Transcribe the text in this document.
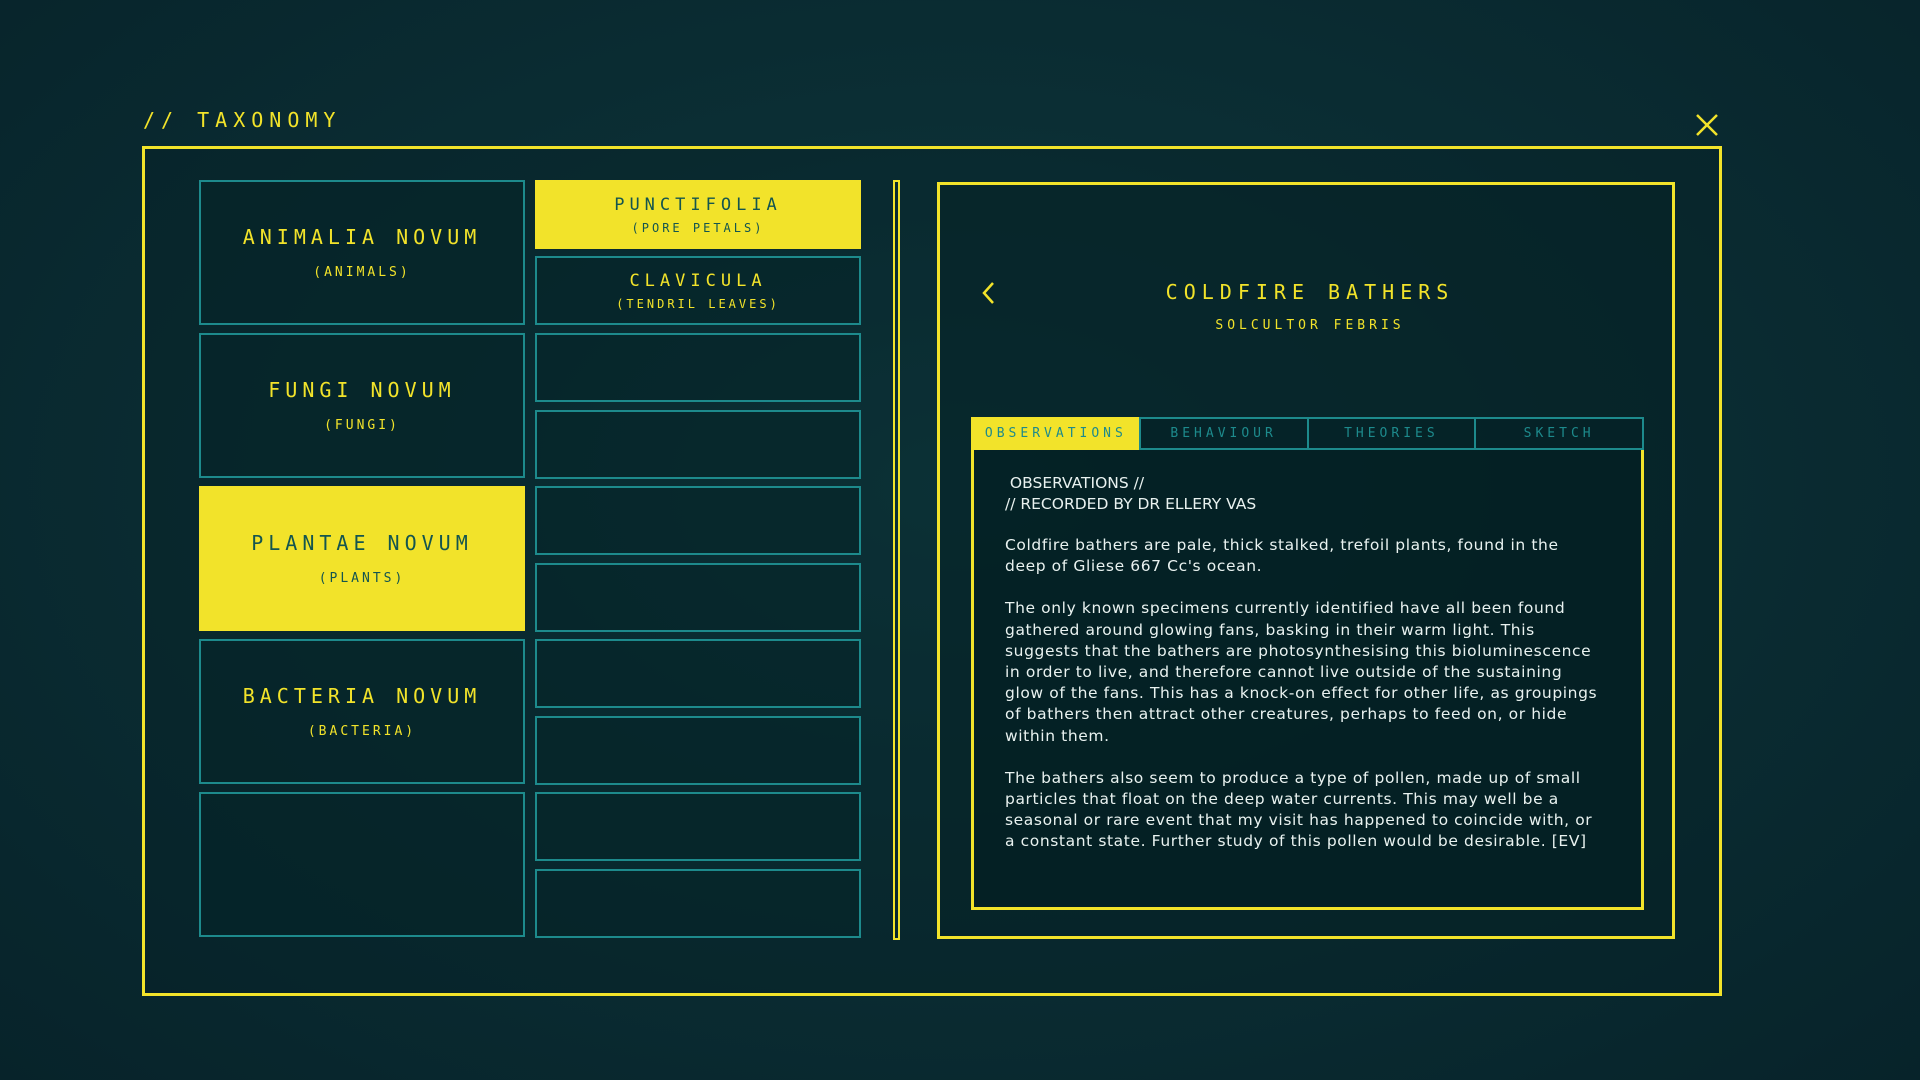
// TAXONOMY
ANIMALIA NOVUM
(ANIMALS)
FUNGI NOVUM
(FUNGI)
PLANTAE NOVUM
(PLANTS)
BACTERIA NOVUM
(BACTERIA)
PUNCTIFOLIA
(PORE PETALS)
CLAVICULA
(TENDRIL LEAVES)	COLDFIRE BATHERS
SOLCULTOR FEBRIS
OBSERVATIONS	BEHAVIOUR	THEORIES	SKETCH
OBSERVATIONS //
// RECORDED BY DR ELLERY VAS

Coldfire bathers are pale, thick stalked, trefoil plants, found in the deep of Gliese 667 Cc's ocean.

The only known specimens currently identified have all been found gathered around glowing fans, basking in their warm light. This suggests that the bathers are photosynthesising this bioluminescence in order to live, and therefore cannot live outside of the sustaining glow of the fans. This has a knock-on effect for other life, as groupings of bathers then attract other creatures, perhaps to feed on, or hide within them.

The bathers also seem to produce a type of pollen, made up of small particles that float on the deep water currents. This may well be a seasonal or rare event that my visit has happened to coincide with, or a constant state. Further study of this pollen would be desirable. [EV]
